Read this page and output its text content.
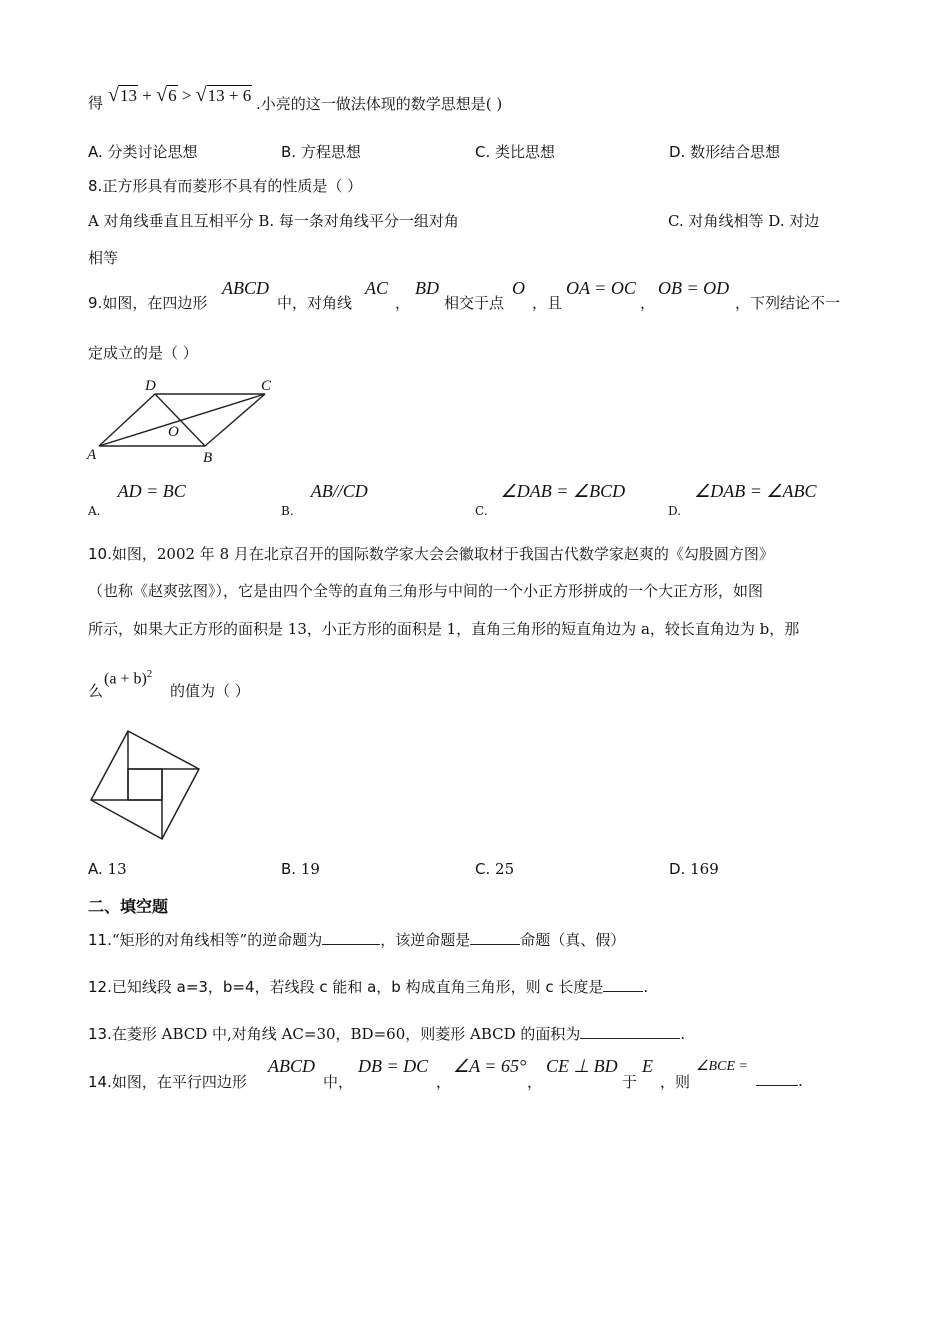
得 √13 + √6 > √13 + 6 .小亮的这一做法体现的数学思想是( )
A. 分类讨论思想	B. 方程思想	C. 类比思想	D. 数形结合思想
8.正方形具有而菱形不具有的性质是（ ）
A 对角线垂直且互相平分 B. 每一条对角线平分一组对角	C. 对角线相等 D. 对边
相等
9.如图，在四边形
ABCD
中，对角线
AC
，
BD
相交于点
O
，且
OA = OC
，
OB = OD
，下列结论不一
定成立的是（ ）
A	B
C
D
O
$_{A.}$ AD = BC
$_{B.}$ AB//CD
$_{C.}$ ∠DAB = ∠BCD
$_{D.}$ ∠DAB = ∠ABC
10.如图，2002 年 8 月在北京召开的国际数学家大会会徽取材于我国古代数学家赵爽的《勾股圆方图》
（也称《赵爽弦图》），它是由四个全等的直角三角形与中间的一个小正方形拼成的一个大正方形，如图
所示，如果大正方形的面积是 13，小正方形的面积是 1，直角三角形的短直角边为 a，较长直角边为 b，那
么
$(a + b)^2$
的值为（ ）
A. 13	B. 19	C. 25	D. 169
二、填空题
11.“矩形的对角线相等”的逆命题为	，该逆命题是	命题（真、假）
12.已知线段 a=3，b=4，若线段 c 能和 a，b 构成直角三角形，则 c 长度是	.
13.在菱形 ABCD 中,对角线 AC=30，BD=60，则菱形 ABCD 的面积为	.
14.如图，在平行四边形
ABCD
中，
DB = DC
，
∠A = 65°
，
CE ⊥ BD
于
E
，则
∠BCE =
.
